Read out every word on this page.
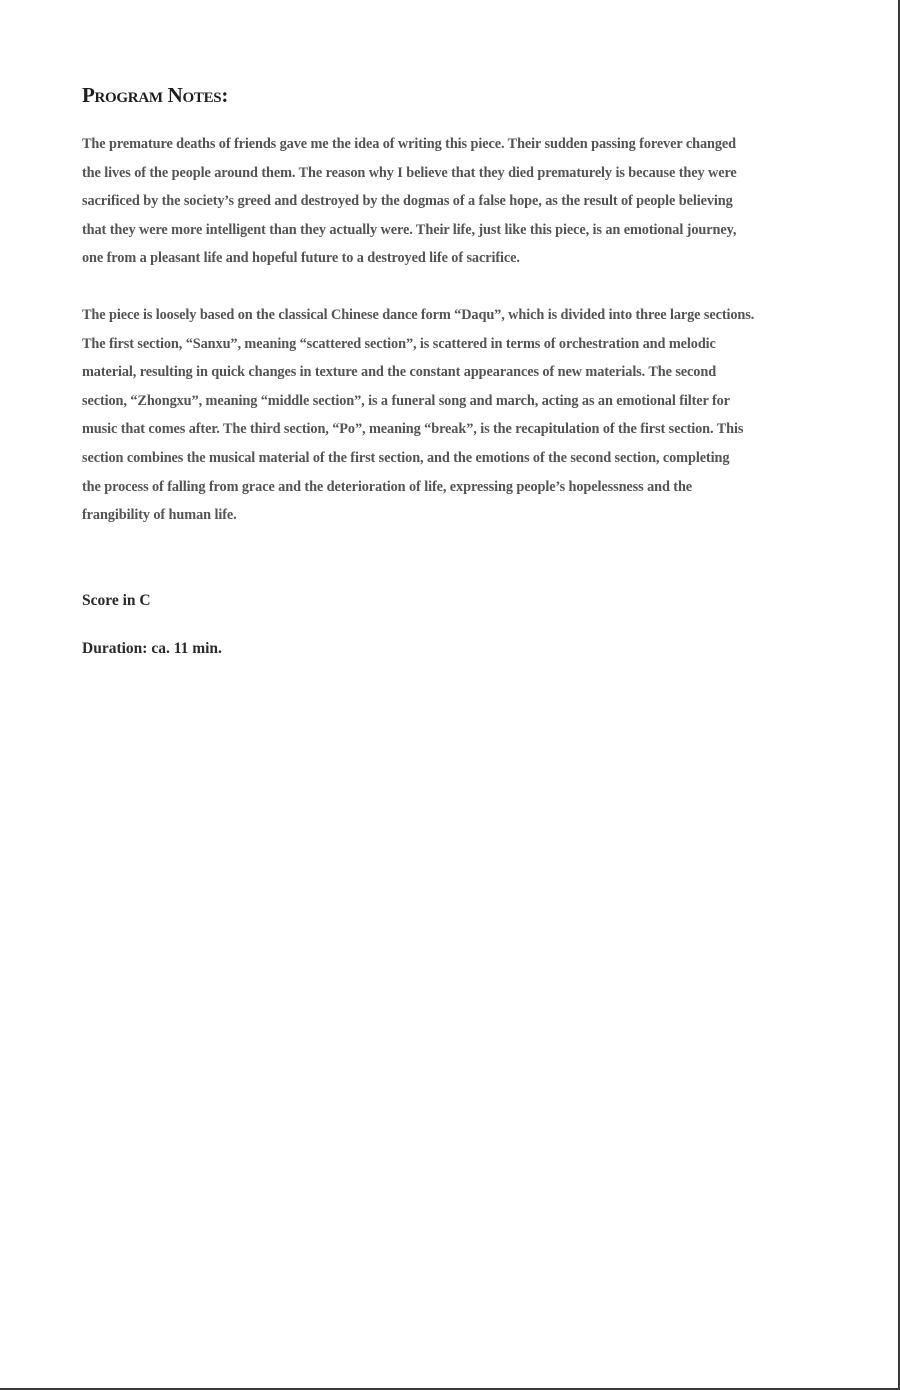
Program Notes:

The premature deaths of friends gave me the idea of writing this piece. Their sudden passing forever changed
the lives of the people around them. The reason why I believe that they died prematurely is because they were
sacrificed by the society’s greed and destroyed by the dogmas of a false hope, as the result of people believing
that they were more intelligent than they actually were. Their life, just like this piece, is an emotional journey,
one from a pleasant life and hopeful future to a destroyed life of sacrifice.

The piece is loosely based on the classical Chinese dance form “Daqu”, which is divided into three large sections.
The first section, “Sanxu”, meaning “scattered section”, is scattered in terms of orchestration and melodic
material, resulting in quick changes in texture and the constant appearances of new materials. The second
section, “Zhongxu”, meaning “middle section”, is a funeral song and march, acting as an emotional filter for
music that comes after. The third section, “Po”, meaning “break”, is the recapitulation of the first section. This
section combines the musical material of the first section, and the emotions of the second section, completing
the process of falling from grace and the deterioration of life, expressing people’s hopelessness and the
frangibility of human life.

Score in C

Duration: ca. 11 min.
